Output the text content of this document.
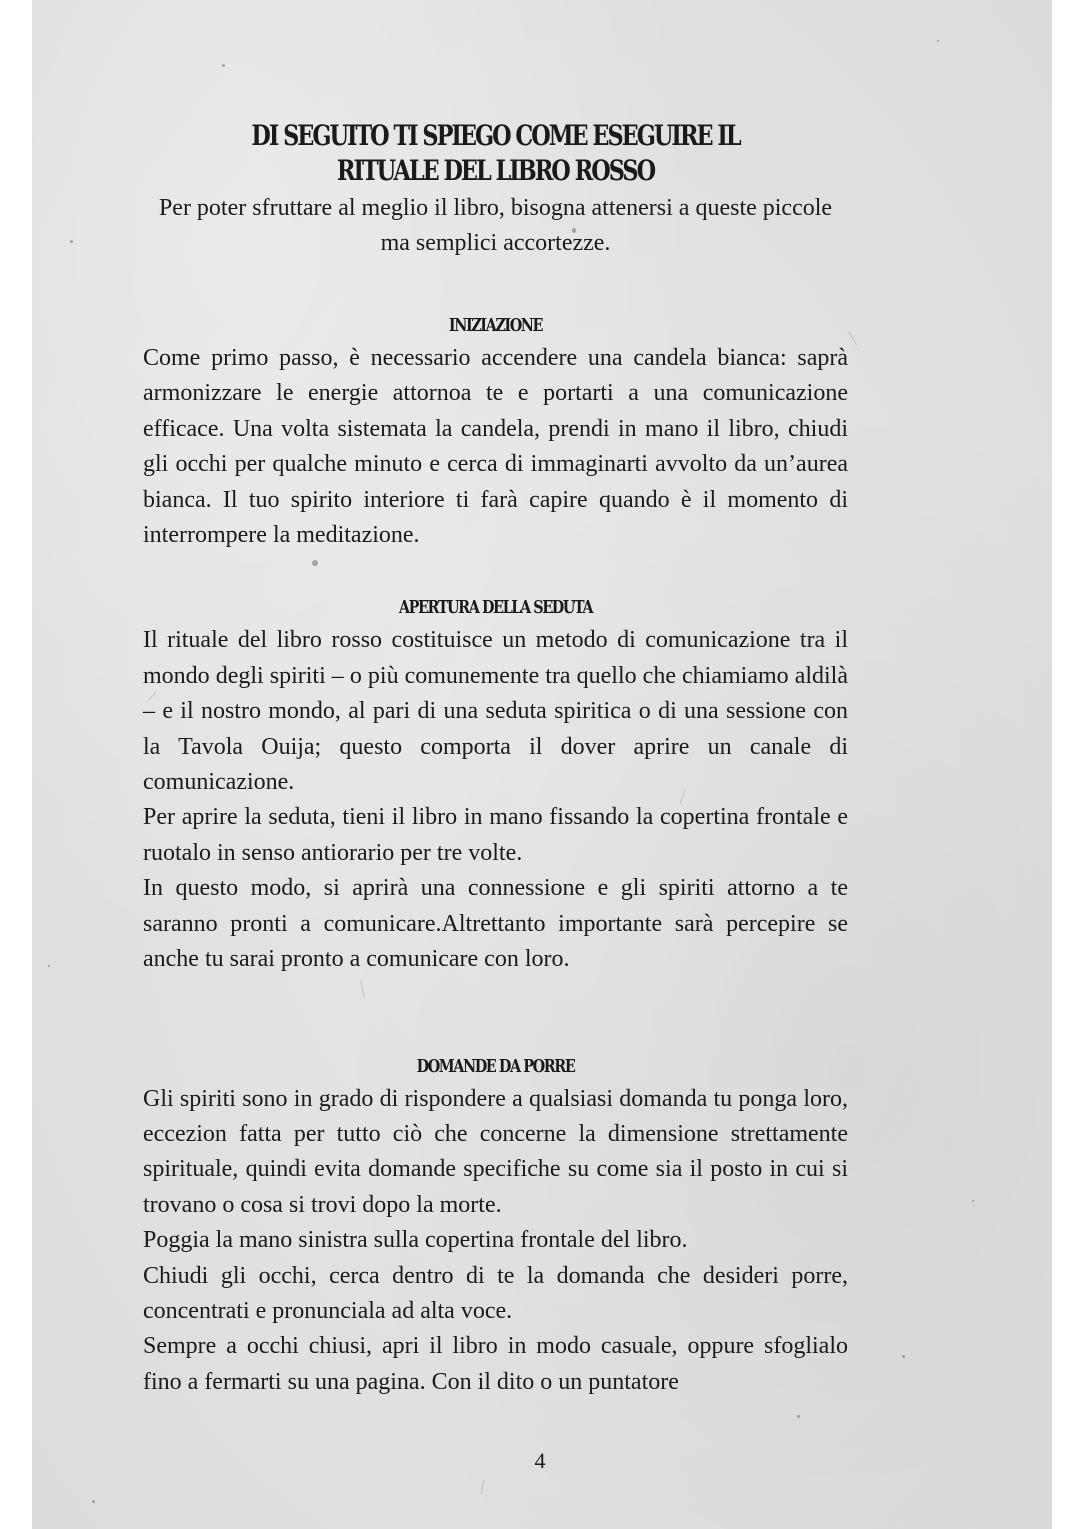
DI SEGUITO TI SPIEGO COME ESEGUIRE IL RITUALE DEL LIBRO ROSSO

Per poter sfruttare al meglio il libro, bisogna attenersi a queste piccole ma semplici accortezze.

INIZIAZIONE

Come primo passo, è necessario accendere una candela bianca: saprà armonizzare le energie attornoa te e portarti a una comunicazione efficace. Una volta sistemata la candela, prendi in mano il libro, chiudi gli occhi per qualche minuto e cerca di immaginarti avvolto da un’aurea bianca. Il tuo spirito interiore ti farà capire quando è il momento di interrompere la meditazione.

APERTURA DELLA SEDUTA

Il rituale del libro rosso costituisce un metodo di comunicazione tra il mondo degli spiriti – o più comunemente tra quello che chiamiamo aldilà – e il nostro mondo, al pari di una seduta spiritica o di una sessione con la Tavola Ouija; questo comporta il dover aprire un canale di comunicazione.

Per aprire la seduta, tieni il libro in mano fissando la copertina frontale e ruotalo in senso antiorario per tre volte.

In questo modo, si aprirà una connessione e gli spiriti attorno a te saranno pronti a comunicare.Altrettanto importante sarà percepire se anche tu sarai pronto a comunicare con loro.

DOMANDE DA PORRE

Gli spiriti sono in grado di rispondere a qualsiasi domanda tu ponga loro, eccezion fatta per tutto ciò che concerne la dimensione strettamente spirituale, quindi evita domande specifiche su come sia il posto in cui si trovano o cosa si trovi dopo la morte.

Poggia la mano sinistra sulla copertina frontale del libro.

Chiudi gli occhi, cerca dentro di te la domanda che desideri porre, concentrati e pronunciala ad alta voce.

Sempre a occhi chiusi, apri il libro in modo casuale, oppure sfoglialo fino a fermarti su una pagina. Con il dito o un puntatore

4
